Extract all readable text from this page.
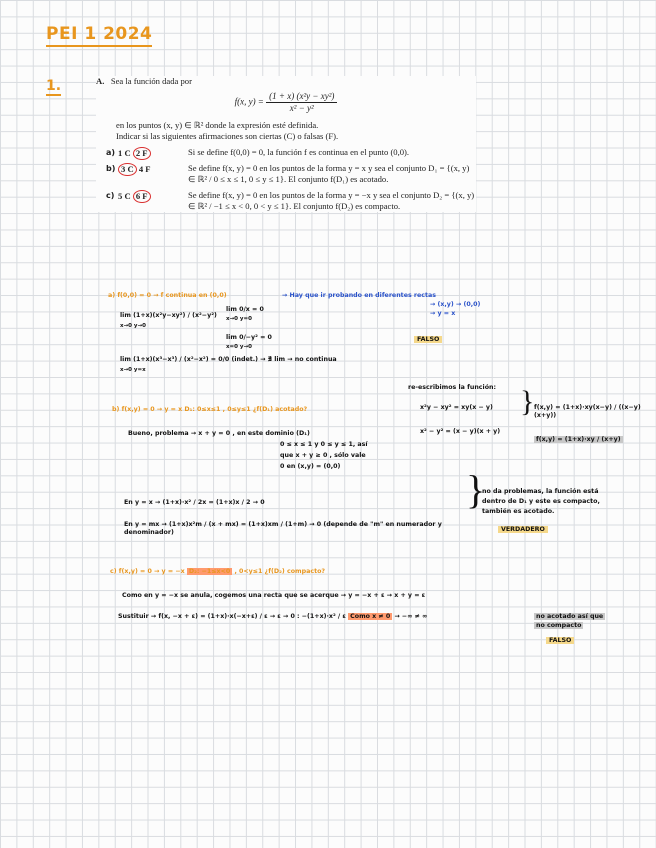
PEI 1 2024
1.	A. Sea la función dada por
f(x, $y) = \frac{\text{(1 + x) (x²y − xy²)}}{\text{x² − y²}}$
en los puntos (x, y) ∈ ℝ² donde la expresión esté definida.
Indicar si las siguientes afirmaciones son ciertas (C) o falsas (F).
a) 1 C 2 F	Si se define f(0,0) = 0, la función f es continua en el punto (0,0).
b) 3 C 4 F	Se define f(x, y) = 0 en los puntos de la forma y = x y sea el conjunto D₁ = {(x, y) ∈ ℝ² / 0 ≤ x ≤ 1, 0 ≤ y ≤ 1}. El conjunto f(D₁) es acotado.
c) 5 C 6 F	Se define f(x, y) = 0 en los puntos de la forma y = −x y sea el conjunto D₂ = {(x, y) ∈ ℝ² / −1 ≤ x < 0, 0 < y ≤ 1}. El conjunto f(D₂) es compacto.
a) f(0,0) = 0 → f continua en (0,0)	→ Hay que ir probando en diferentes rectas
→ (x,y) → (0,0)
→ y = x
lim (1+x)(x²y−xy²) / (x²−y²)
x→0 y→0
lim 0/x = 0
x→0 y=0
lim 0/−y² = 0
x=0 y→0
FALSO
lim (1+x)(x³−x³) / (x²−x²) = 0/0 (indet.) → ∄ lim → no continua
x→0 y=x
re-escribimos la función:
x²y − xy² = xy(x − y)
x² − y² = (x − y)(x + y)
} f(x,y) = (1+x)·xy(x−y) / ((x−y)(x+y))
f(x,y) = (1+x)·xy / (x+y)
b) f(x,y) = 0 → y = x D₁: 0≤x≤1 , 0≤y≤1 ¿f(D₁) acotado?
Bueno, problema → x + y = 0 , en este dominio (D₁)
0 ≤ x ≤ 1 y 0 ≤ y ≤ 1, así
que x + y ≥ 0 , sólo vale
0 en (x,y) = (0,0)
En y = x → (1+x)·x² / 2x = (1+x)x / 2 → 0
En y = mx → (1+x)x²m / (x + mx) = (1+x)xm / (1+m) → 0 (depende de "m" en numerador y denominador)
}
no da problemas, la función está
dentro de D₁ y este es compacto,
también es acotado.
VERDADERO
c) f(x,y) = 0 → y = −x D₂: −1≤x<0 , 0<y≤1 ¿f(D₂) compacto?
Como en y = −x se anula, cogemos una recta que se acerque → y = −x + ε → x + y = ε
Sustituir → f(x, −x + ε) = (1+x)·x(−x+ε) / ε → ε → 0 : −(1+x)·x² / ε Como x ≠ 0 → −∞ ≠ ∞	no acotado así que
no compacto
FALSO
